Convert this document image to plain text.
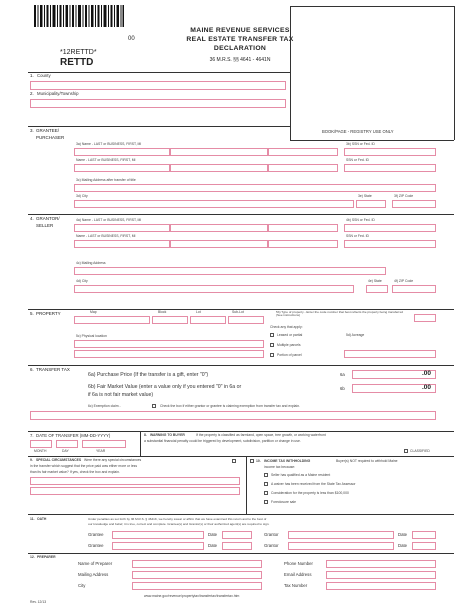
00
*12RETTD*
RETTD
MAINE REVENUE SERVICES
REAL ESTATE TRANSFER TAX
DECLARATION
36 M.R.S. §§ 4641 - 4641N
1. County
2. Municipality/Township
3. GRANTEE/
PURCHASER
BOOK/PAGE - REGISTRY USE ONLY
3a) Name - LAST or BUSINESS, FIRST, MI	3b) SSN or Fed. ID
Name - LAST or BUSINESS, FIRST, MI	SSN or Fed. ID
3c) Mailing Address after transfer of title
3d) City	3e) State	3f) ZIP Code
4. GRANTOR/
SELLER
4a) Name - LAST or BUSINESS, FIRST, MI	4b) SSN or Fed. ID
Name - LAST or BUSINESS, FIRST, MI	SSN or Fed. ID
4c) Mailing Address
4d) City	4e) State	4f) ZIP Code
5. PROPERTY	Map	Block	Lot	Sub-Lot	5b) Type of property - Enter the code number that best reflects the property being transferred (See instructions)
Check any that apply:
Leased or partial
Multiple parcels
Portion of parcel
5d) Acreage
5c) Physical location
6. TRANSFER TAX
6a) Purchase Price (If the transfer is a gift, enter "0")	6a	.00
6b) Fair Market Value (enter a value only if you entered "0" in 6a or
if 6a is not fair market value)
6b	.00
6c) Exemption claim -	Check the box if either grantor or grantee is claiming exemption from transfer tax and explain.
7. DATE OF TRANSFER (MM-DD-YYYY)
MONTH	DAY	YEAR
8. WARNING TO BUYER	If the property is classified as farmland, open space, tree growth, or working waterfront
a substantial financial penalty could be triggered by development, subdivision, partition or change in use.
CLASSIFIED
9. SPECIAL CIRCUMSTANCES Were there any special circumstances
in the transfer which suggest that the price paid was either more or less
than its fair market value? If yes, check the box and explain.
10. INCOME TAX WITHHOLDING	Buyer(s) NOT required to withhold Maine
income tax because:
Seller has qualified as a Maine resident
A waiver has been received from the State Tax Assessor
Consideration for the property is less than $100,000
Foreclosure sale
11. OATH	Under penalties as set forth by 36 M.R.S. § 4641K, we hereby swear or affirm that we have examined this return and to the best of
our knowledge and belief, it is true, correct and complete. Grantee(s) and Grantor(s) or their authorized agent(s) are required to sign.
Grantee	Date	Grantor	Date
Grantee	Date	Grantor	Date
12. PREPARER
Name of Preparer	Phone Number
Mailing Address	Email Address
City	Tax Number
Rev. 12/13
www.maine.gov/revenue/propertytax/transfertax/transfertax.htm
